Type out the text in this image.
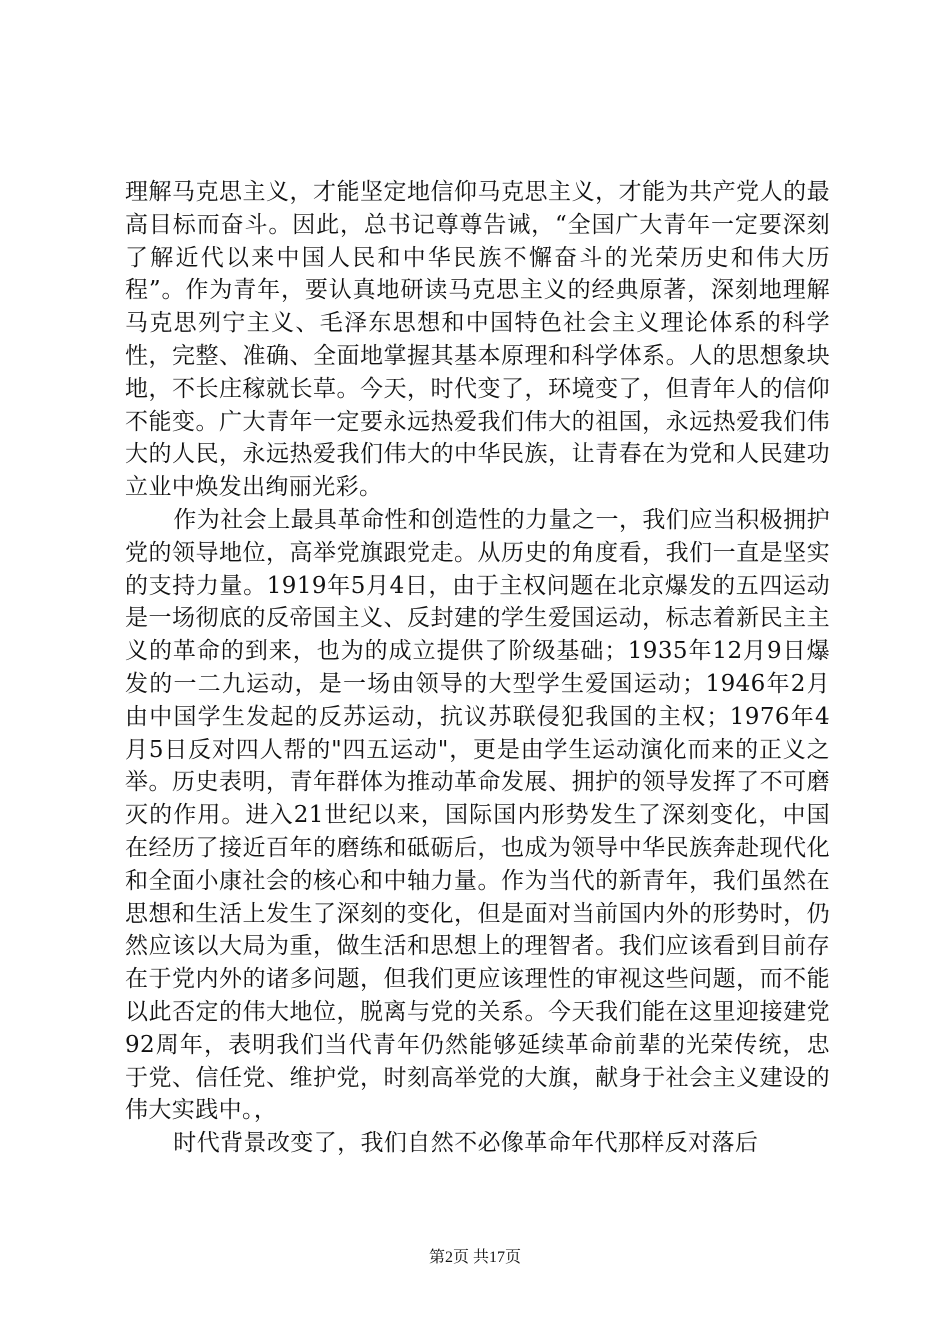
理解马克思主义，才能坚定地信仰马克思主义，才能为共产党人的最高目标而奋斗。因此，总书记尊尊告诫，“全国广大青年一定要深刻了解近代以来中国人民和中华民族不懈奋斗的光荣历史和伟大历程”。作为青年，要认真地研读马克思主义的经典原著，深刻地理解马克思列宁主义、毛泽东思想和中国特色社会主义理论体系的科学性，完整、准确、全面地掌握其基本原理和科学体系。人的思想象块地，不长庄稼就长草。今天，时代变了，环境变了，但青年人的信仰不能变。广大青年一定要永远热爱我们伟大的祖国，永远热爱我们伟大的人民，永远热爱我们伟大的中华民族，让青春在为党和人民建功立业中焕发出绚丽光彩。

作为社会上最具革命性和创造性的力量之一，我们应当积极拥护党的领导地位，高举党旗跟党走。从历史的角度看，我们一直是坚实的支持力量。1919年5月4日，由于主权问题在北京爆发的五四运动是一场彻底的反帝国主义、反封建的学生爱国运动，标志着新民主主义的革命的到来，也为的成立提供了阶级基础；1935年12月9日爆发的一二九运动，是一场由领导的大型学生爱国运动；1946年2月由中国学生发起的反苏运动，抗议苏联侵犯我国的主权；1976年4月5日反对四人帮的"四五运动"，更是由学生运动演化而来的正义之举。历史表明，青年群体为推动革命发展、拥护的领导发挥了不可磨灭的作用。进入21世纪以来，国际国内形势发生了深刻变化，中国在经历了接近百年的磨练和砥砺后，也成为领导中华民族奔赴现代化和全面小康社会的核心和中轴力量。作为当代的新青年，我们虽然在思想和生活上发生了深刻的变化，但是面对当前国内外的形势时，仍然应该以大局为重，做生活和思想上的理智者。我们应该看到目前存在于党内外的诸多问题，但我们更应该理性的审视这些问题，而不能以此否定的伟大地位，脱离与党的关系。今天我们能在这里迎接建党92周年，表明我们当代青年仍然能够延续革命前辈的光荣传统，忠于党、信任党、维护党，时刻高举党的大旗，献身于社会主义建设的伟大实践中。，

时代背景改变了，我们自然不必像革命年代那样反对落后

第2页 共17页
